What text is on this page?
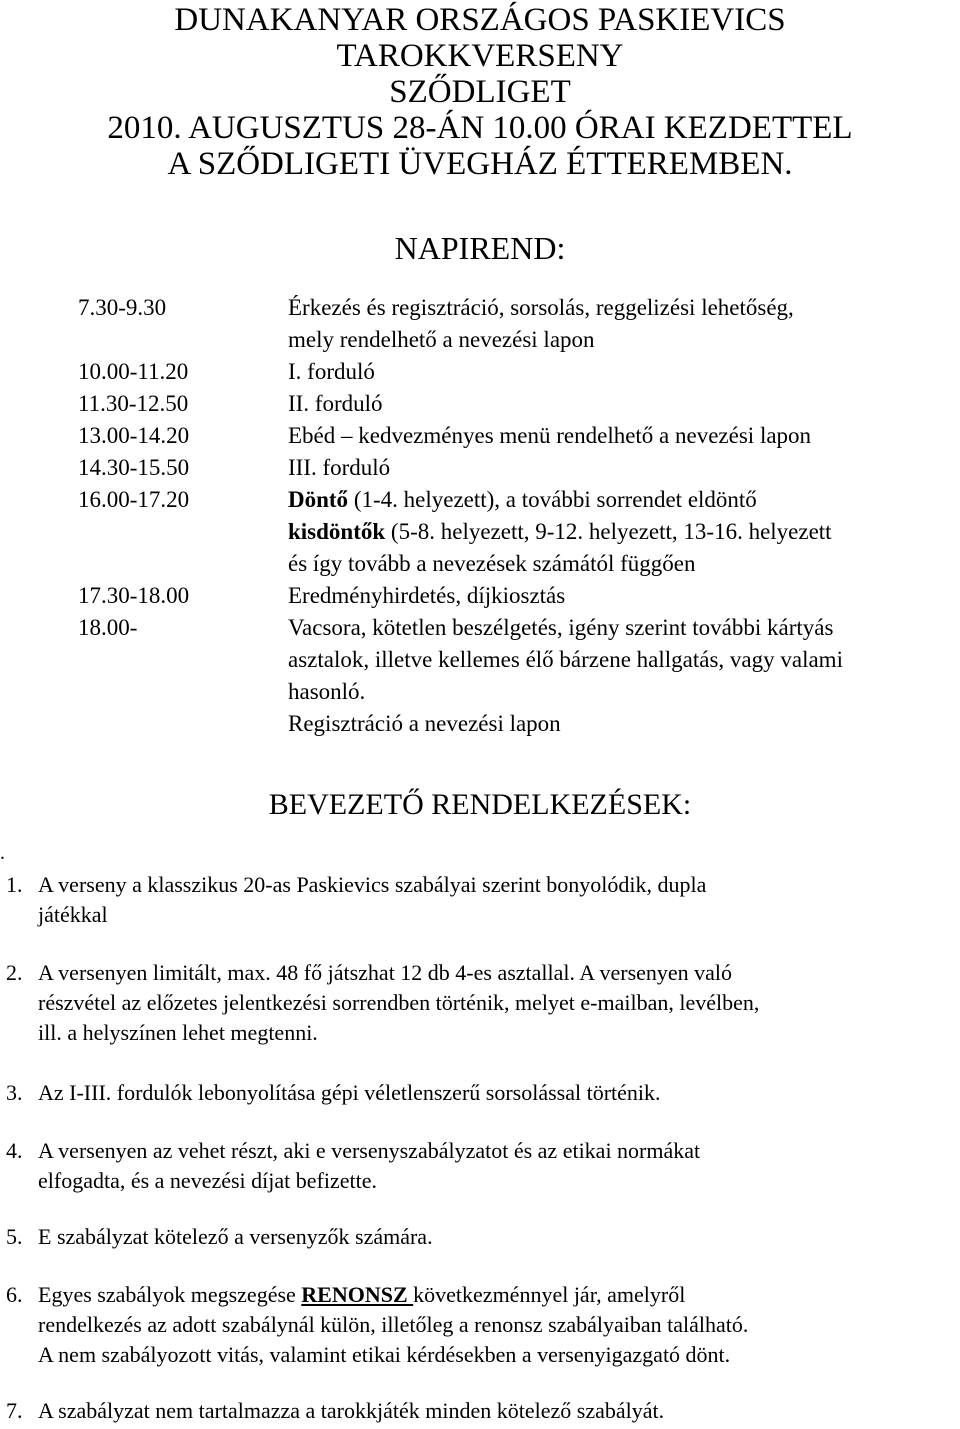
DUNAKANYAR ORSZÁGOS PASKIEVICS
TAROKKVERSENY
SZŐDLIGET
2010. AUGUSZTUS 28-ÁN 10.00 ÓRAI KEZDETTEL
A SZŐDLIGETI ÜVEGHÁZ ÉTTEREMBEN.
NAPIREND:
7.30-9.30	Érkezés és regisztráció, sorsolás, reggelizési lehetőség,
mely rendelhető a nevezési lapon
10.00-11.20	I. forduló
11.30-12.50	II. forduló
13.00-14.20	Ebéd – kedvezményes menü rendelhető a nevezési lapon
14.30-15.50	III. forduló
16.00-17.20	Döntő (1-4. helyezett), a további sorrendet eldöntő
kisdöntők (5-8. helyezett, 9-12. helyezett, 13-16. helyezett
és így tovább a nevezések számától függően
17.30-18.00	Eredményhirdetés, díjkiosztás
18.00-	Vacsora, kötetlen beszélgetés, igény szerint további kártyás
asztalok, illetve kellemes élő bárzene hallgatás, vagy valami
hasonló.
Regisztráció a nevezési lapon
BEVEZETŐ RENDELKEZÉSEK:
.
1. A verseny a klasszikus 20-as Paskievics szabályai szerint bonyolódik, dupla
játékkal
2. A versenyen limitált, max. 48 fő játszhat 12 db 4-es asztallal. A versenyen való
részvétel az előzetes jelentkezési sorrendben történik, melyet e-mailban, levélben,
ill. a helyszínen lehet megtenni.
3. Az I-III. fordulók lebonyolítása gépi véletlenszerű sorsolással történik.
4. A versenyen az vehet részt, aki e versenyszabályzatot és az etikai normákat
elfogadta, és a nevezési díjat befizette.
5. E szabályzat kötelező a versenyzők számára.
6. Egyes szabályok megszegése RENONSZ következménnyel jár, amelyről
rendelkezés az adott szabálynál külön, illetőleg a renonsz szabályaiban található.
A nem szabályozott vitás, valamint etikai kérdésekben a versenyigazgató dönt.
7. A szabályzat nem tartalmazza a tarokkjáték minden kötelező szabályát.
